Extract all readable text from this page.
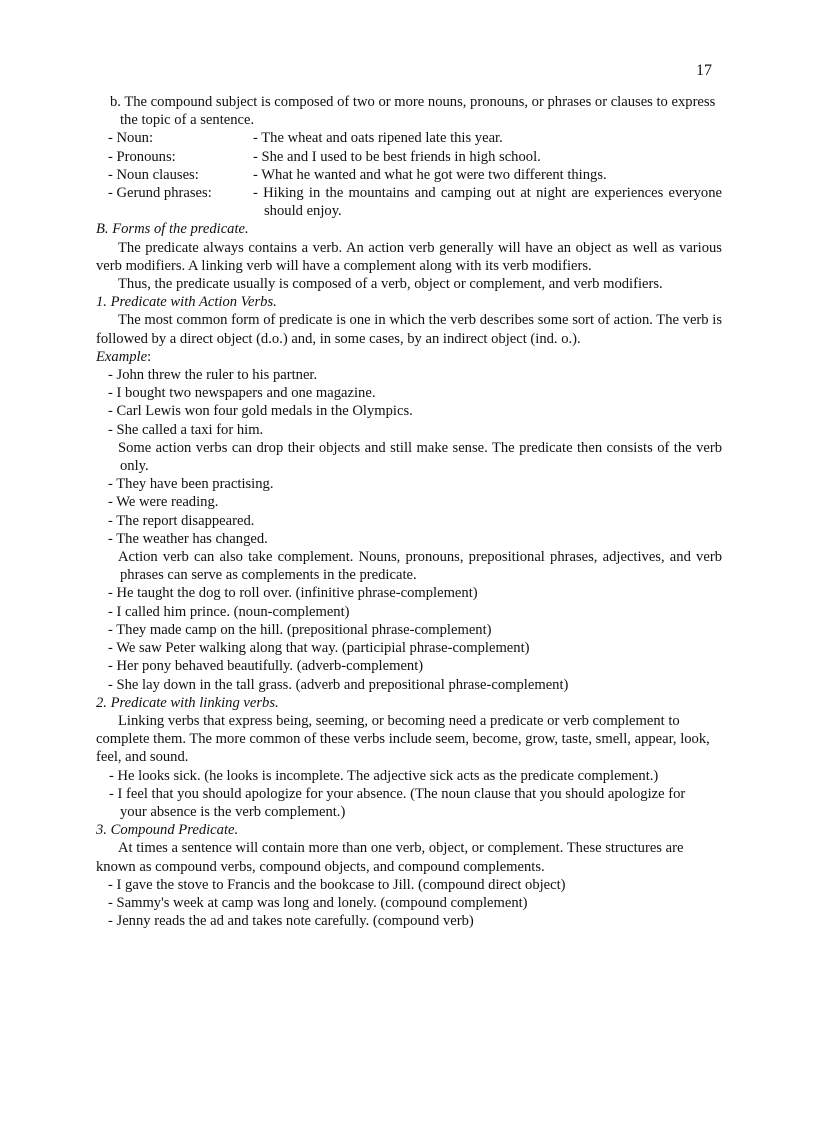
17

b. The compound subject is composed of two or more nouns, pronouns, or phrases or clauses to express the topic of a sentence.

- Noun:	- The wheat and oats ripened late this year.
- Pronouns:	- She and I used to be best friends in high school.
- Noun clauses:	- What he wanted and what he got were two different things.
- Gerund phrases:	- Hiking in the mountains and camping out at night are experiences everyone should enjoy.

B. Forms of the predicate.

The predicate always contains a verb. An action verb generally will have an object as well as various verb modifiers. A linking verb will have a complement along with its verb modifiers.

Thus, the predicate usually is composed of a verb, object or complement, and verb modifiers.

1. Predicate with Action Verbs.

The most common form of predicate is one in which the verb describes some sort of action. The verb is followed by a direct object (d.o.) and, in some cases, by an indirect object (ind. o.).

Example:

- John threw the ruler to his partner.

- I bought two newspapers and one magazine.

- Carl Lewis won four gold medals in the Olympics.

- She called a taxi for him.

Some action verbs can drop their objects and still make sense. The predicate then consists of the verb only.

- They have been practising.

- We were reading.

- The report disappeared.

- The weather has changed.

Action verb can also take complement. Nouns, pronouns, prepositional phrases, adjectives, and verb phrases can serve as complements in the predicate.

- He taught the dog to roll over. (infinitive phrase-complement)

- I called him prince. (noun-complement)

- They made camp on the hill. (prepositional phrase-complement)

- We saw Peter walking along that way. (participial phrase-complement)

- Her pony behaved beautifully. (adverb-complement)

- She lay down in the tall grass. (adverb and prepositional phrase-complement)

2. Predicate with linking verbs.

Linking verbs that express being, seeming, or becoming need a predicate or verb complement to complete them. The more common of these verbs include seem, become, grow, taste, smell, appear, look, feel, and sound.

- He looks sick. (he looks is incomplete. The adjective sick acts as the predicate complement.)

- I feel that you should apologize for your absence. (The noun clause that you should apologize for your absence is the verb complement.)

3. Compound Predicate.

At times a sentence will contain more than one verb, object, or complement. These structures are known as compound verbs, compound objects, and compound complements.

- I gave the stove to Francis and the bookcase to Jill. (compound direct object)

- Sammy's week at camp was long and lonely. (compound complement)

- Jenny reads the ad and takes note carefully. (compound verb)
